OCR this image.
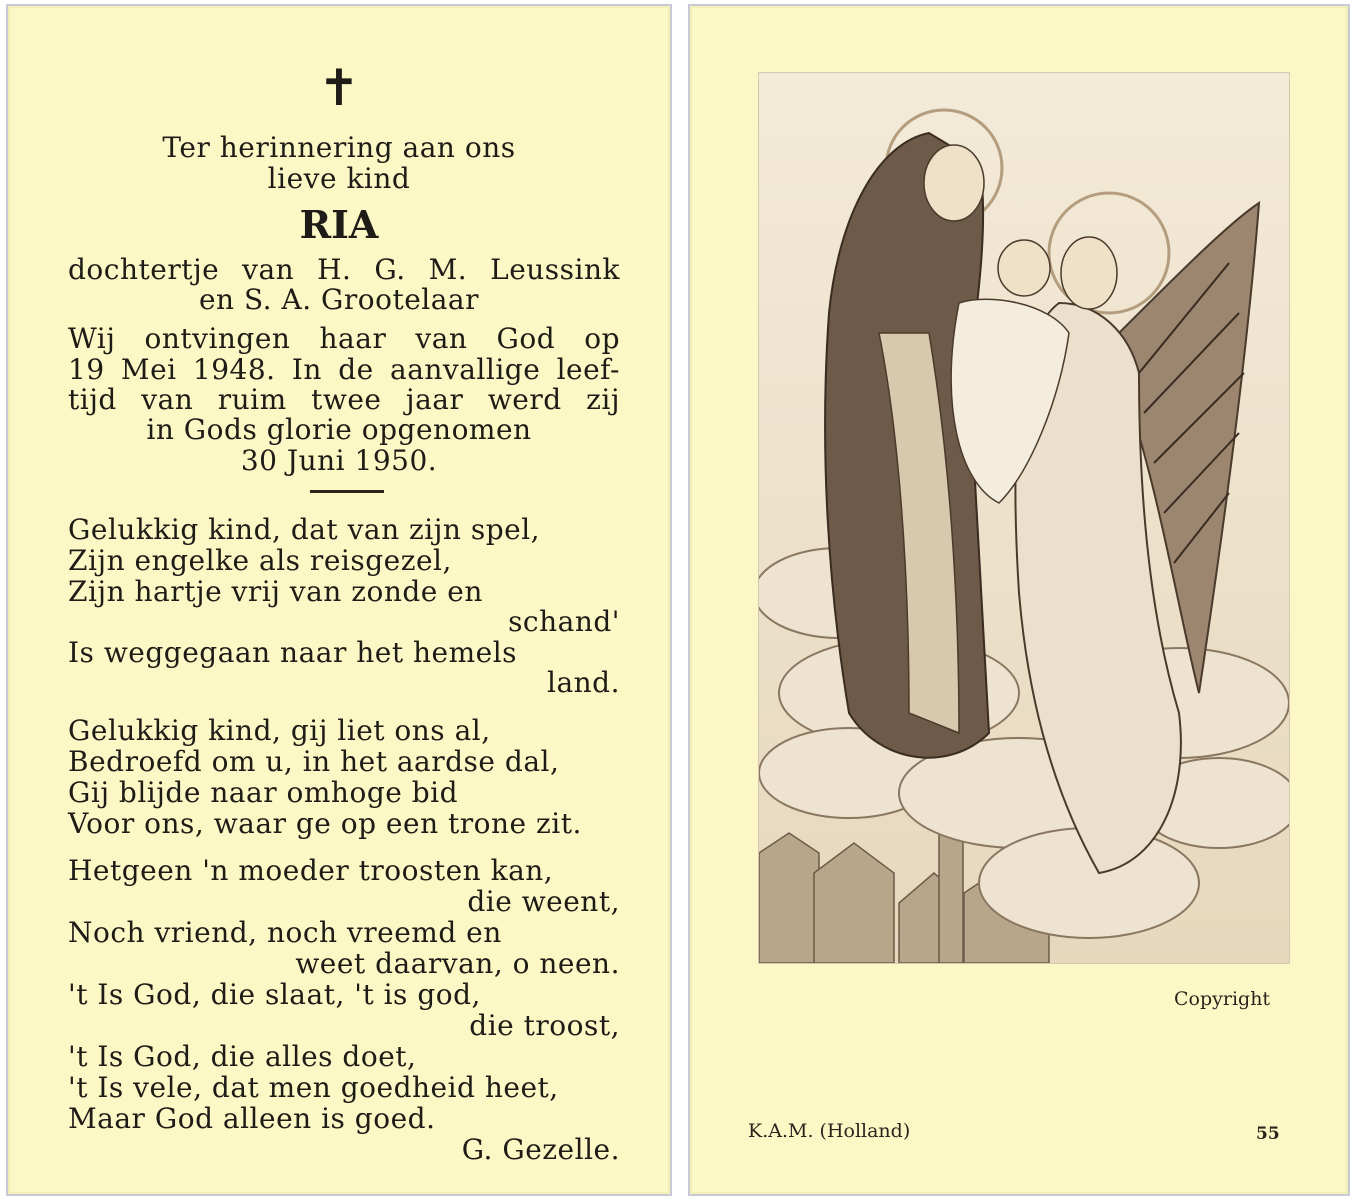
✝
Ter herinnering aan ons
lieve kind
RIA
dochtertje van H. G. M. Leussink
en S. A. Grootelaar
Wij ontvingen haar van God op
19 Mei 1948. In de aanvallige leef-
tijd van ruim twee jaar werd zij
in Gods glorie opgenomen
30 Juni 1950.
Gelukkig kind, dat van zijn spel,
Zijn engelke als reisgezel,
Zijn hartje vrij van zonde en
schand'
Is weggegaan naar het hemels
land.
Gelukkig kind, gij liet ons al,
Bedroefd om u, in het aardse dal,
Gij blijde naar omhoge bid
Voor ons, waar ge op een trone zit.
Hetgeen 'n moeder troosten kan,
die weent,
Noch vriend, noch vreemd en
weet daarvan, o neen.
't Is God, die slaat, 't is god,
die troost,
't Is God, die alles doet,
't Is vele, dat men goedheid heet,
Maar God alleen is goed.
G. Gezelle.
Copyright
K.A.M. (Holland)	55
